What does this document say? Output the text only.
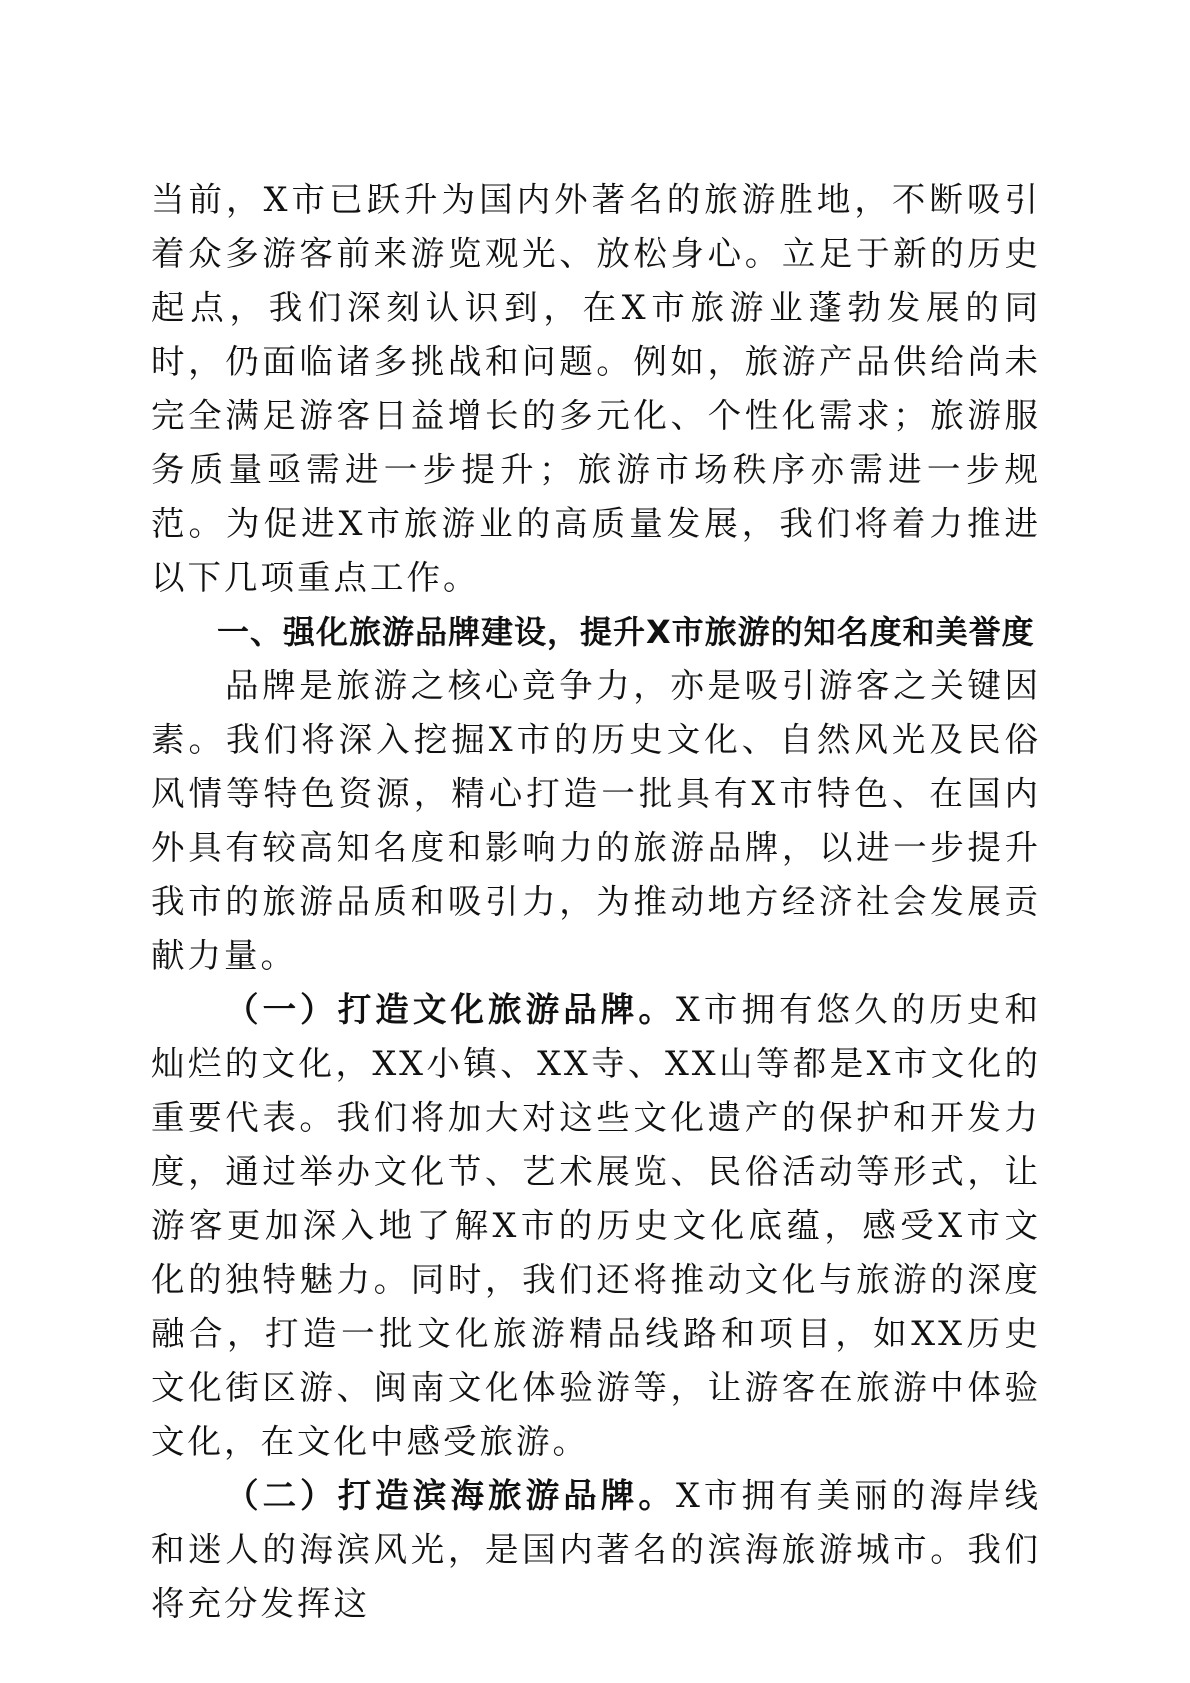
当前，X市已跃升为国内外著名的旅游胜地，不断吸引着众多游客前来游览观光、放松身心。立足于新的历史起点，我们深刻认识到，在X市旅游业蓬勃发展的同时，仍面临诸多挑战和问题。例如，旅游产品供给尚未完全满足游客日益增长的多元化、个性化需求；旅游服务质量亟需进一步提升；旅游市场秩序亦需进一步规范。为促进X市旅游业的高质量发展，我们将着力推进以下几项重点工作。

一、强化旅游品牌建设，提升X市旅游的知名度和美誉度

品牌是旅游之核心竞争力，亦是吸引游客之关键因素。我们将深入挖掘X市的历史文化、自然风光及民俗风情等特色资源，精心打造一批具有X市特色、在国内外具有较高知名度和影响力的旅游品牌，以进一步提升我市的旅游品质和吸引力，为推动地方经济社会发展贡献力量。

（一）打造文化旅游品牌。X市拥有悠久的历史和灿烂的文化，XX小镇、XX寺、XX山等都是X市文化的重要代表。我们将加大对这些文化遗产的保护和开发力度，通过举办文化节、艺术展览、民俗活动等形式，让游客更加深入地了解X市的历史文化底蕴，感受X市文化的独特魅力。同时，我们还将推动文化与旅游的深度融合，打造一批文化旅游精品线路和项目，如XX历史文化街区游、闽南文化体验游等，让游客在旅游中体验文化，在文化中感受旅游。

（二）打造滨海旅游品牌。X市拥有美丽的海岸线和迷人的海滨风光，是国内著名的滨海旅游城市。我们将充分发挥这
